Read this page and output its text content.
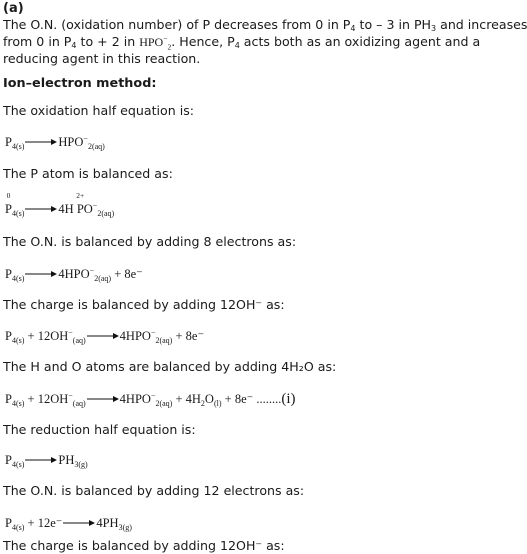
(a)
The O.N. (oxidation number) of P decreases from 0 in $P_4$ to – 3 in $PH_3$ and increases
from 0 in $P_4$ to + 2 in $HPO^-_2$. Hence, $P_4$ acts both as an oxidizing agent and a
reducing agent in this reaction.
Ion–electron method:
The oxidation half equation is:
$P_{4(s)}$	$HPO^-_{2(aq)}$
The P atom is balanced as:
0
$P_{4(s)}$	4H
2+
$PO^-_{2(aq)}$
The O.N. is balanced by adding 8 electrons as:
$P_{4(s)}$	$4HPO^-_{2(aq)} + 8e^-$
The charge is balanced by adding 12OH⁻ as:
$P_{4(s)} + 12OH^-_{(aq)}$	$4HPO^-_{2(aq)} + 8e^-$
The H and O atoms are balanced by adding 4H₂O as:
$P_{4(s)} + 12OH^-_{(aq)}$	$4HPO^-_{2(aq)} + 4H_2O_{(l)} + 8e^-$ ........(i)
The reduction half equation is:
$P_{4(s)}$	$PH_{3(g)}$
The O.N. is balanced by adding 12 electrons as:
$P_{4(s)} + 12e^-$	$4PH_{3(g)}$
The charge is balanced by adding 12OH⁻ as:
